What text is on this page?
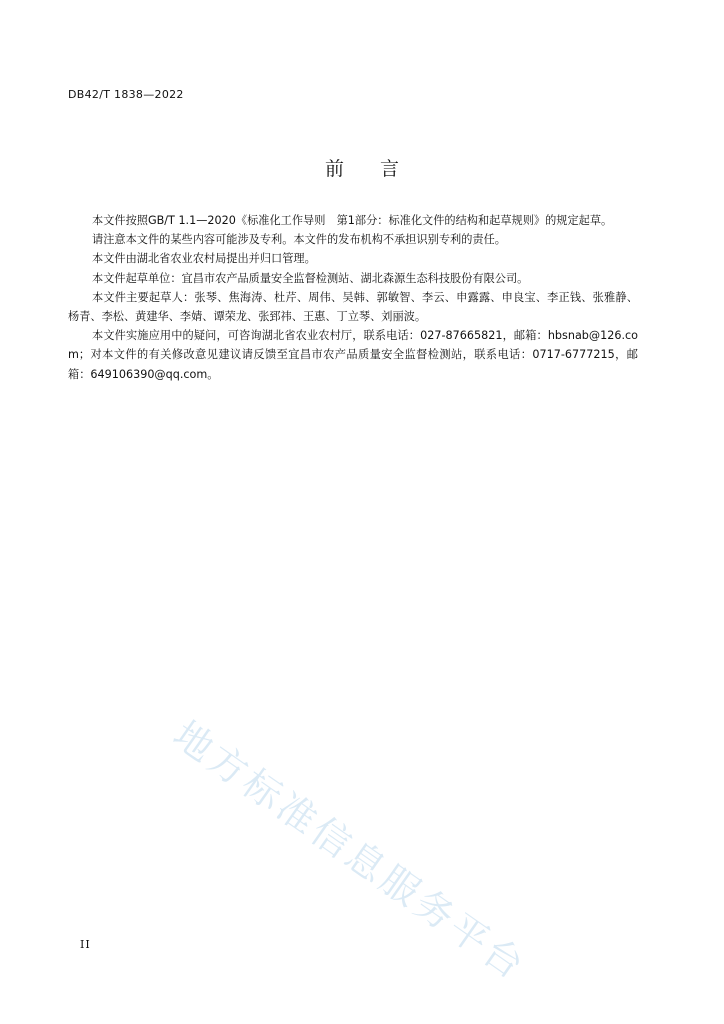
DB42/T 1838—2022
前言

本文件按照GB/T 1.1—2020《标准化工作导则　第1部分：标准化文件的结构和起草规则》的规定起草。

请注意本文件的某些内容可能涉及专利。本文件的发布机构不承担识别专利的责任。

本文件由湖北省农业农村局提出并归口管理。

本文件起草单位：宜昌市农产品质量安全监督检测站、湖北森源生态科技股份有限公司。

本文件主要起草人：张琴、焦海涛、杜芹、周伟、吴韩、郭敏智、李云、申露露、申良宝、李正钱、张雅静、杨青、李松、黄建华、李婧、谭荣龙、张郅祎、王惠、丁立琴、刘丽波。

本文件实施应用中的疑问，可咨询湖北省农业农村厅，联系电话：027-87665821，邮箱：hbsnab@126.com；对本文件的有关修改意见建议请反馈至宜昌市农产品质量安全监督检测站，联系电话：0717-6777215，邮箱：649106390@qq.com。

地方标准信息服务平台
II
